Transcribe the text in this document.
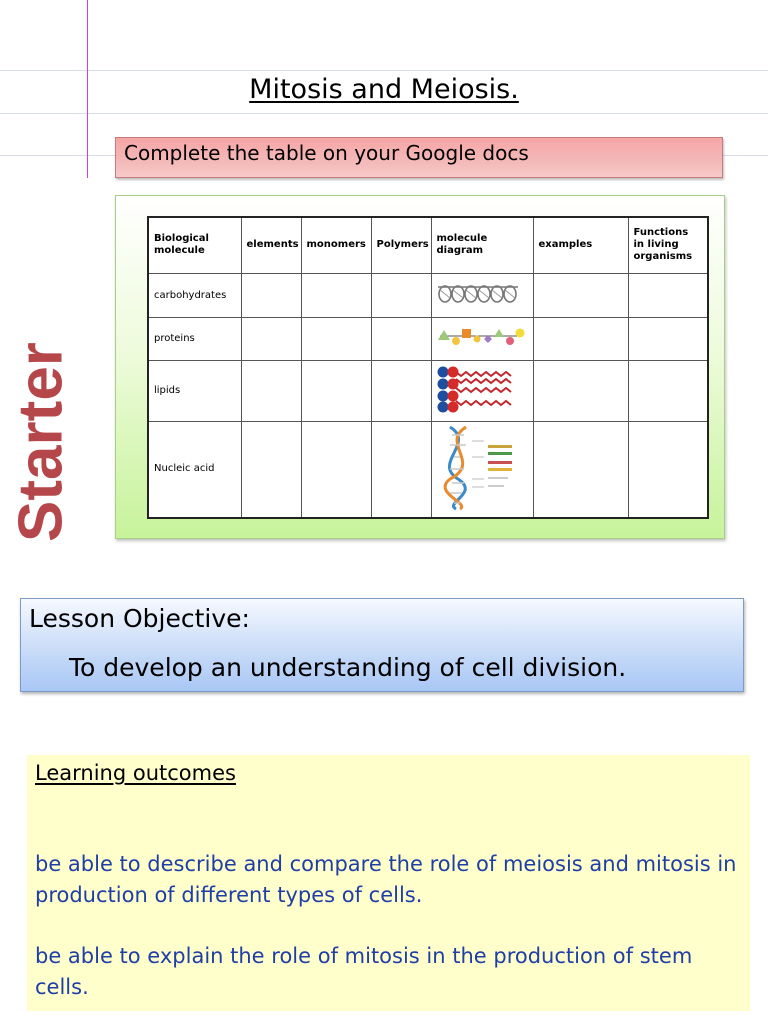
Mitosis and Meiosis.
Complete the table on your Google docs
Starter
Biological molecule	elements	monomers	Polymers	molecule diagram	examples	Functions in living organisms
carbohydrates						
proteins						
lipids						
Nucleic acid						
Lesson Objective:
To develop an understanding of cell division.

Learning outcomes

be able to describe and compare the role of meiosis and mitosis in production of different types of cells.

be able to explain the role of mitosis in the production of stem cells.
